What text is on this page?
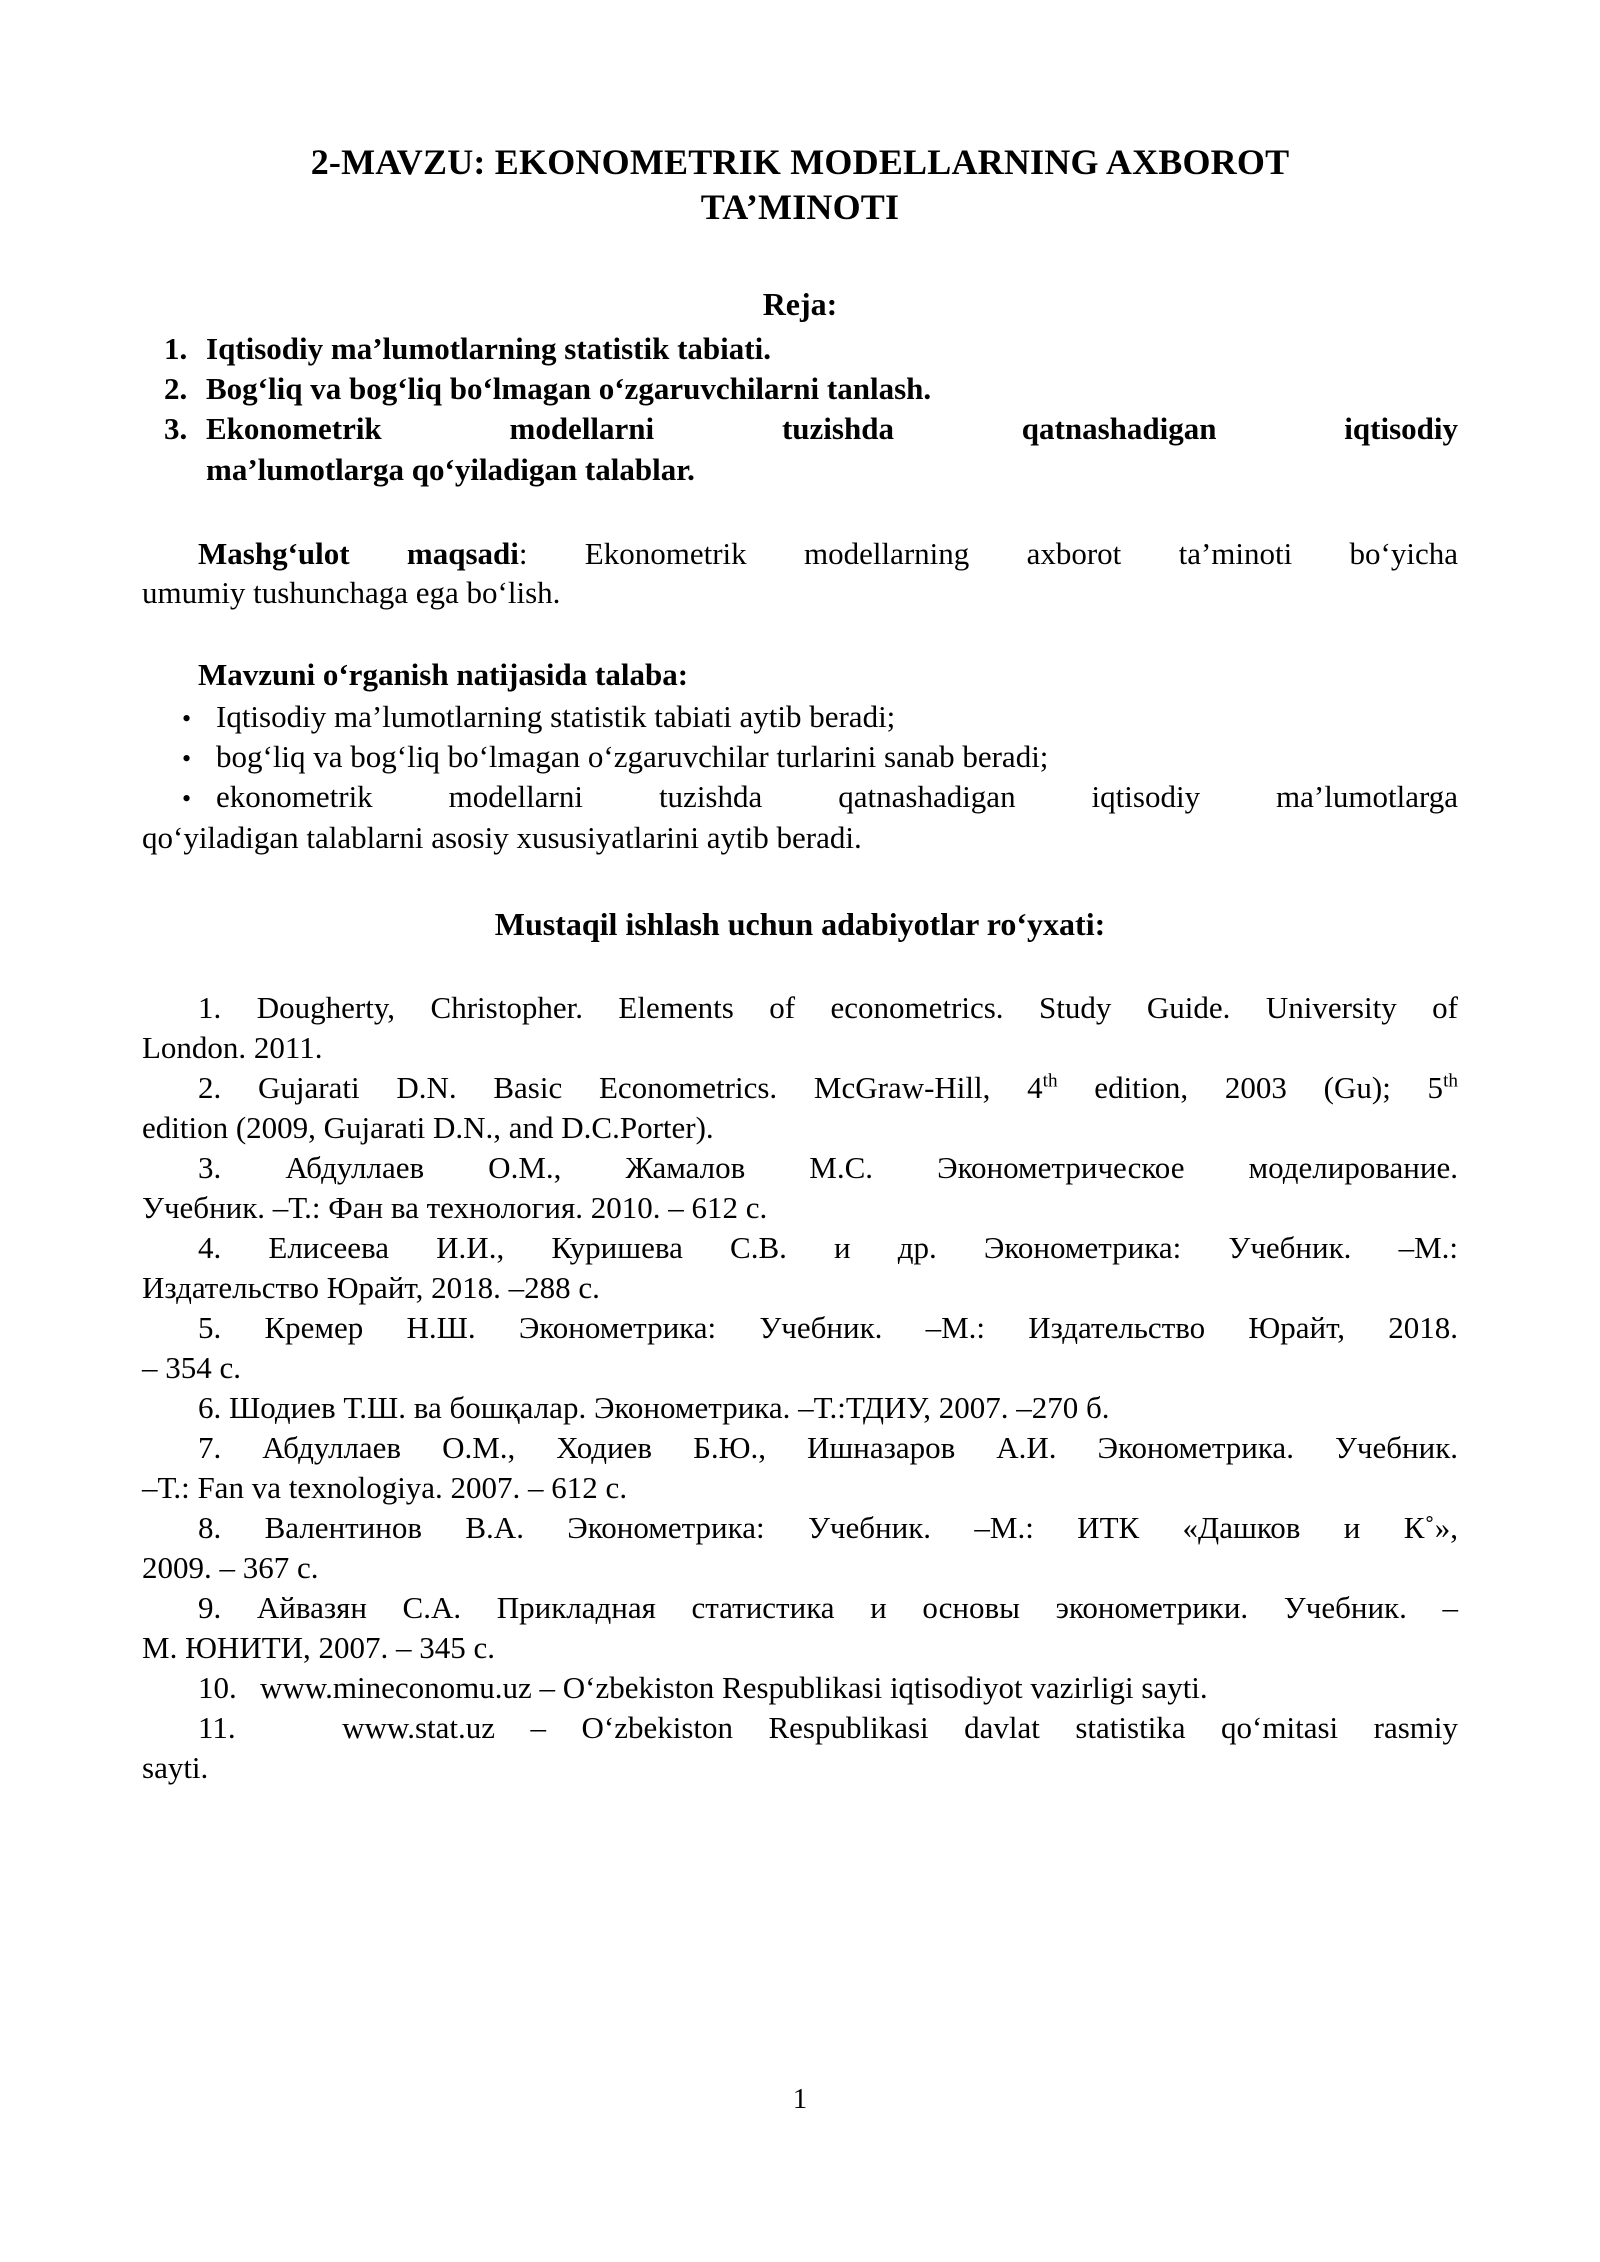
2-MAVZU: EKONOMETRIK MODELLARNING AXBOROT
TA’MINOTI
Reja:
1. Iqtisodiy ma’lumotlarning statistik tabiati.
2. Bog‘liq va bog‘liq bo‘lmagan o‘zgaruvchilarni tanlash.
3. Ekonometrik modellarni tuzishda qatnashadigan iqtisodiy
ma’lumotlarga qo‘yiladigan talablar.
Mashg‘ulot maqsadi: Ekonometrik modellarning axborot ta’minoti bo‘yicha
umumiy tushunchaga ega bo‘lish.
Mavzuni o‘rganish natijasida talaba:
• Iqtisodiy ma’lumotlarning statistik tabiati aytib beradi;
• bog‘liq va bog‘liq bo‘lmagan o‘zgaruvchilar turlarini sanab beradi;
• ekonometrik modellarni tuzishda qatnashadigan iqtisodiy ma’lumotlarga
qo‘yiladigan talablarni asosiy xususiyatlarini aytib beradi.
Mustaqil ishlash uchun adabiyotlar ro‘yxati:
1. Dougherty, Christopher. Elements of econometrics. Study Guide. University of
London. 2011.
2. Gujarati D.N. Basic Econometrics. McGraw-Hill, 4th edition, 2003 (Gu); 5th
edition (2009, Gujarati D.N., and D.C.Porter).
3. Абдуллаев О.М., Жамалов М.С. Эконометрическое моделирование.
Учебник. –Т.: Фан ва технология. 2010. – 612 с.
4. Елисеева И.И., Куришева С.В. и др. Эконометрика: Учебник. –М.:
Издательство Юрайт, 2018. –288 с.
5. Кремер Н.Ш. Эконометрика: Учебник. –М.: Издательство Юрайт, 2018.
– 354 с.
6. Шодиев Т.Ш. ва бошқалар. Эконометрика. –Т.:ТДИУ, 2007. –270 б.
7. Абдуллаев О.М., Ходиев Б.Ю., Ишназаров А.И. Эконометрика. Учебник.
–Т.: Fan va texnologiya. 2007. – 612 с.
8. Валентинов В.А. Эконометрика: Учебник. –М.: ИТК «Дашков и К˚»,
2009. – 367 с.
9. Айвазян С.А. Прикладная статистика и основы эконометрики. Учебник. –
М. ЮНИТИ, 2007. – 345 с.
10. www.mineconomu.uz – O‘zbekiston Respublikasi iqtisodiyot vazirligi sayti.
11.	www.stat.uz – O‘zbekiston Respublikasi davlat statistika qo‘mitasi rasmiy
sayti.
1
